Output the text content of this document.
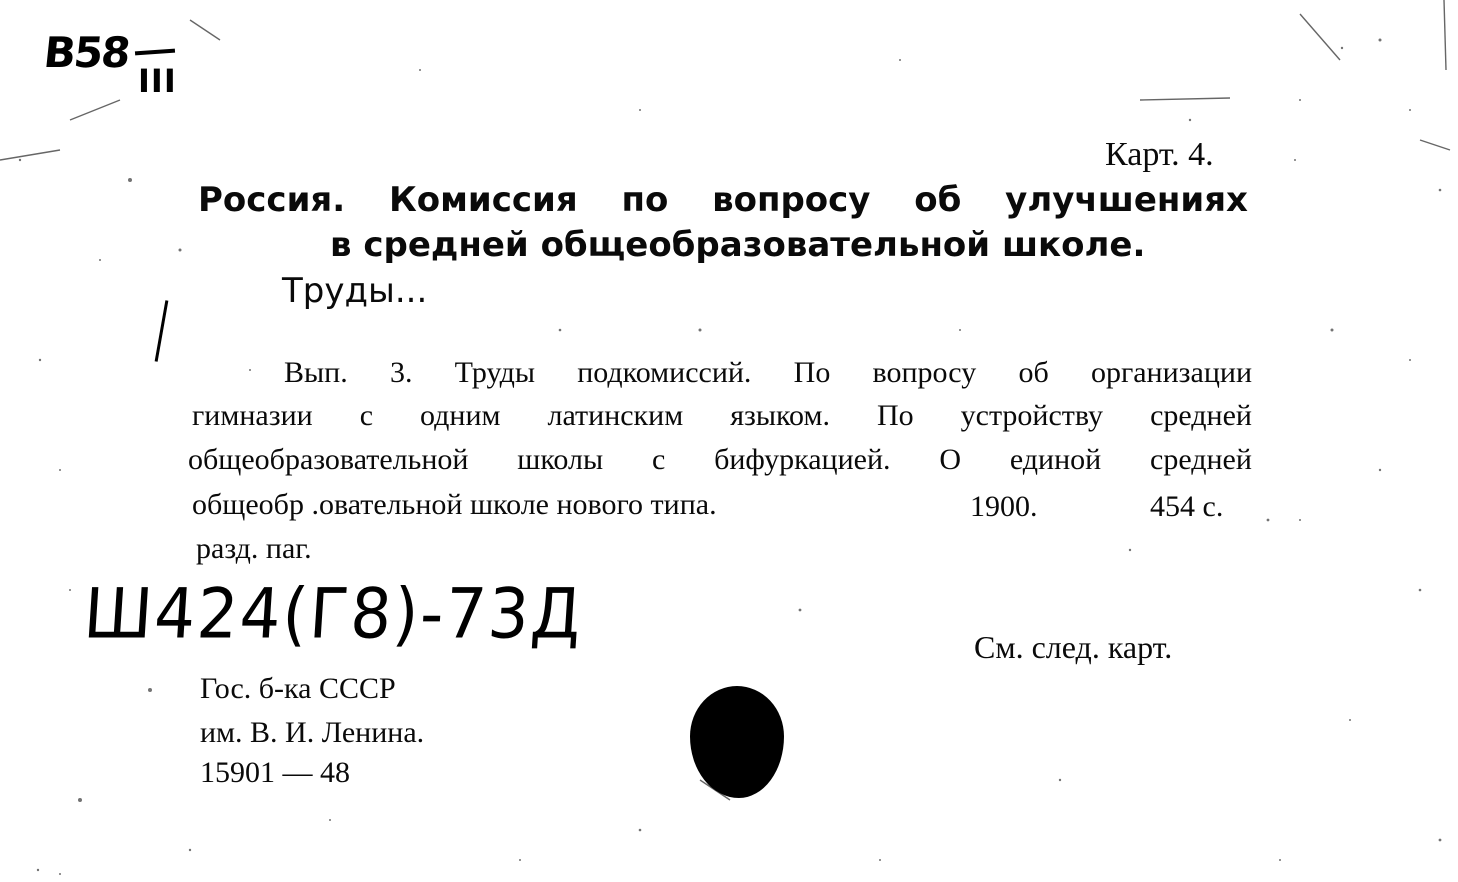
B58
III
Карт. 4.
Россия. Комиссия по вопросу об улучшениях
в средней общеобразовательной школе.
Труды...
Вып. 3. Труды подкомиссий. По вопросу об организации
гимназии с одним латинским языком. По устройству средней
общеобразовательной школы с бифуркацией. О единой средней
общеобр .овательной школе нового типа.	1900.	454 с.
разд. паг.
Ш424(Г8)-73Д	См. след. карт.
Гос. б-ка СССР
им. В. И. Ленина.
15901 — 48
